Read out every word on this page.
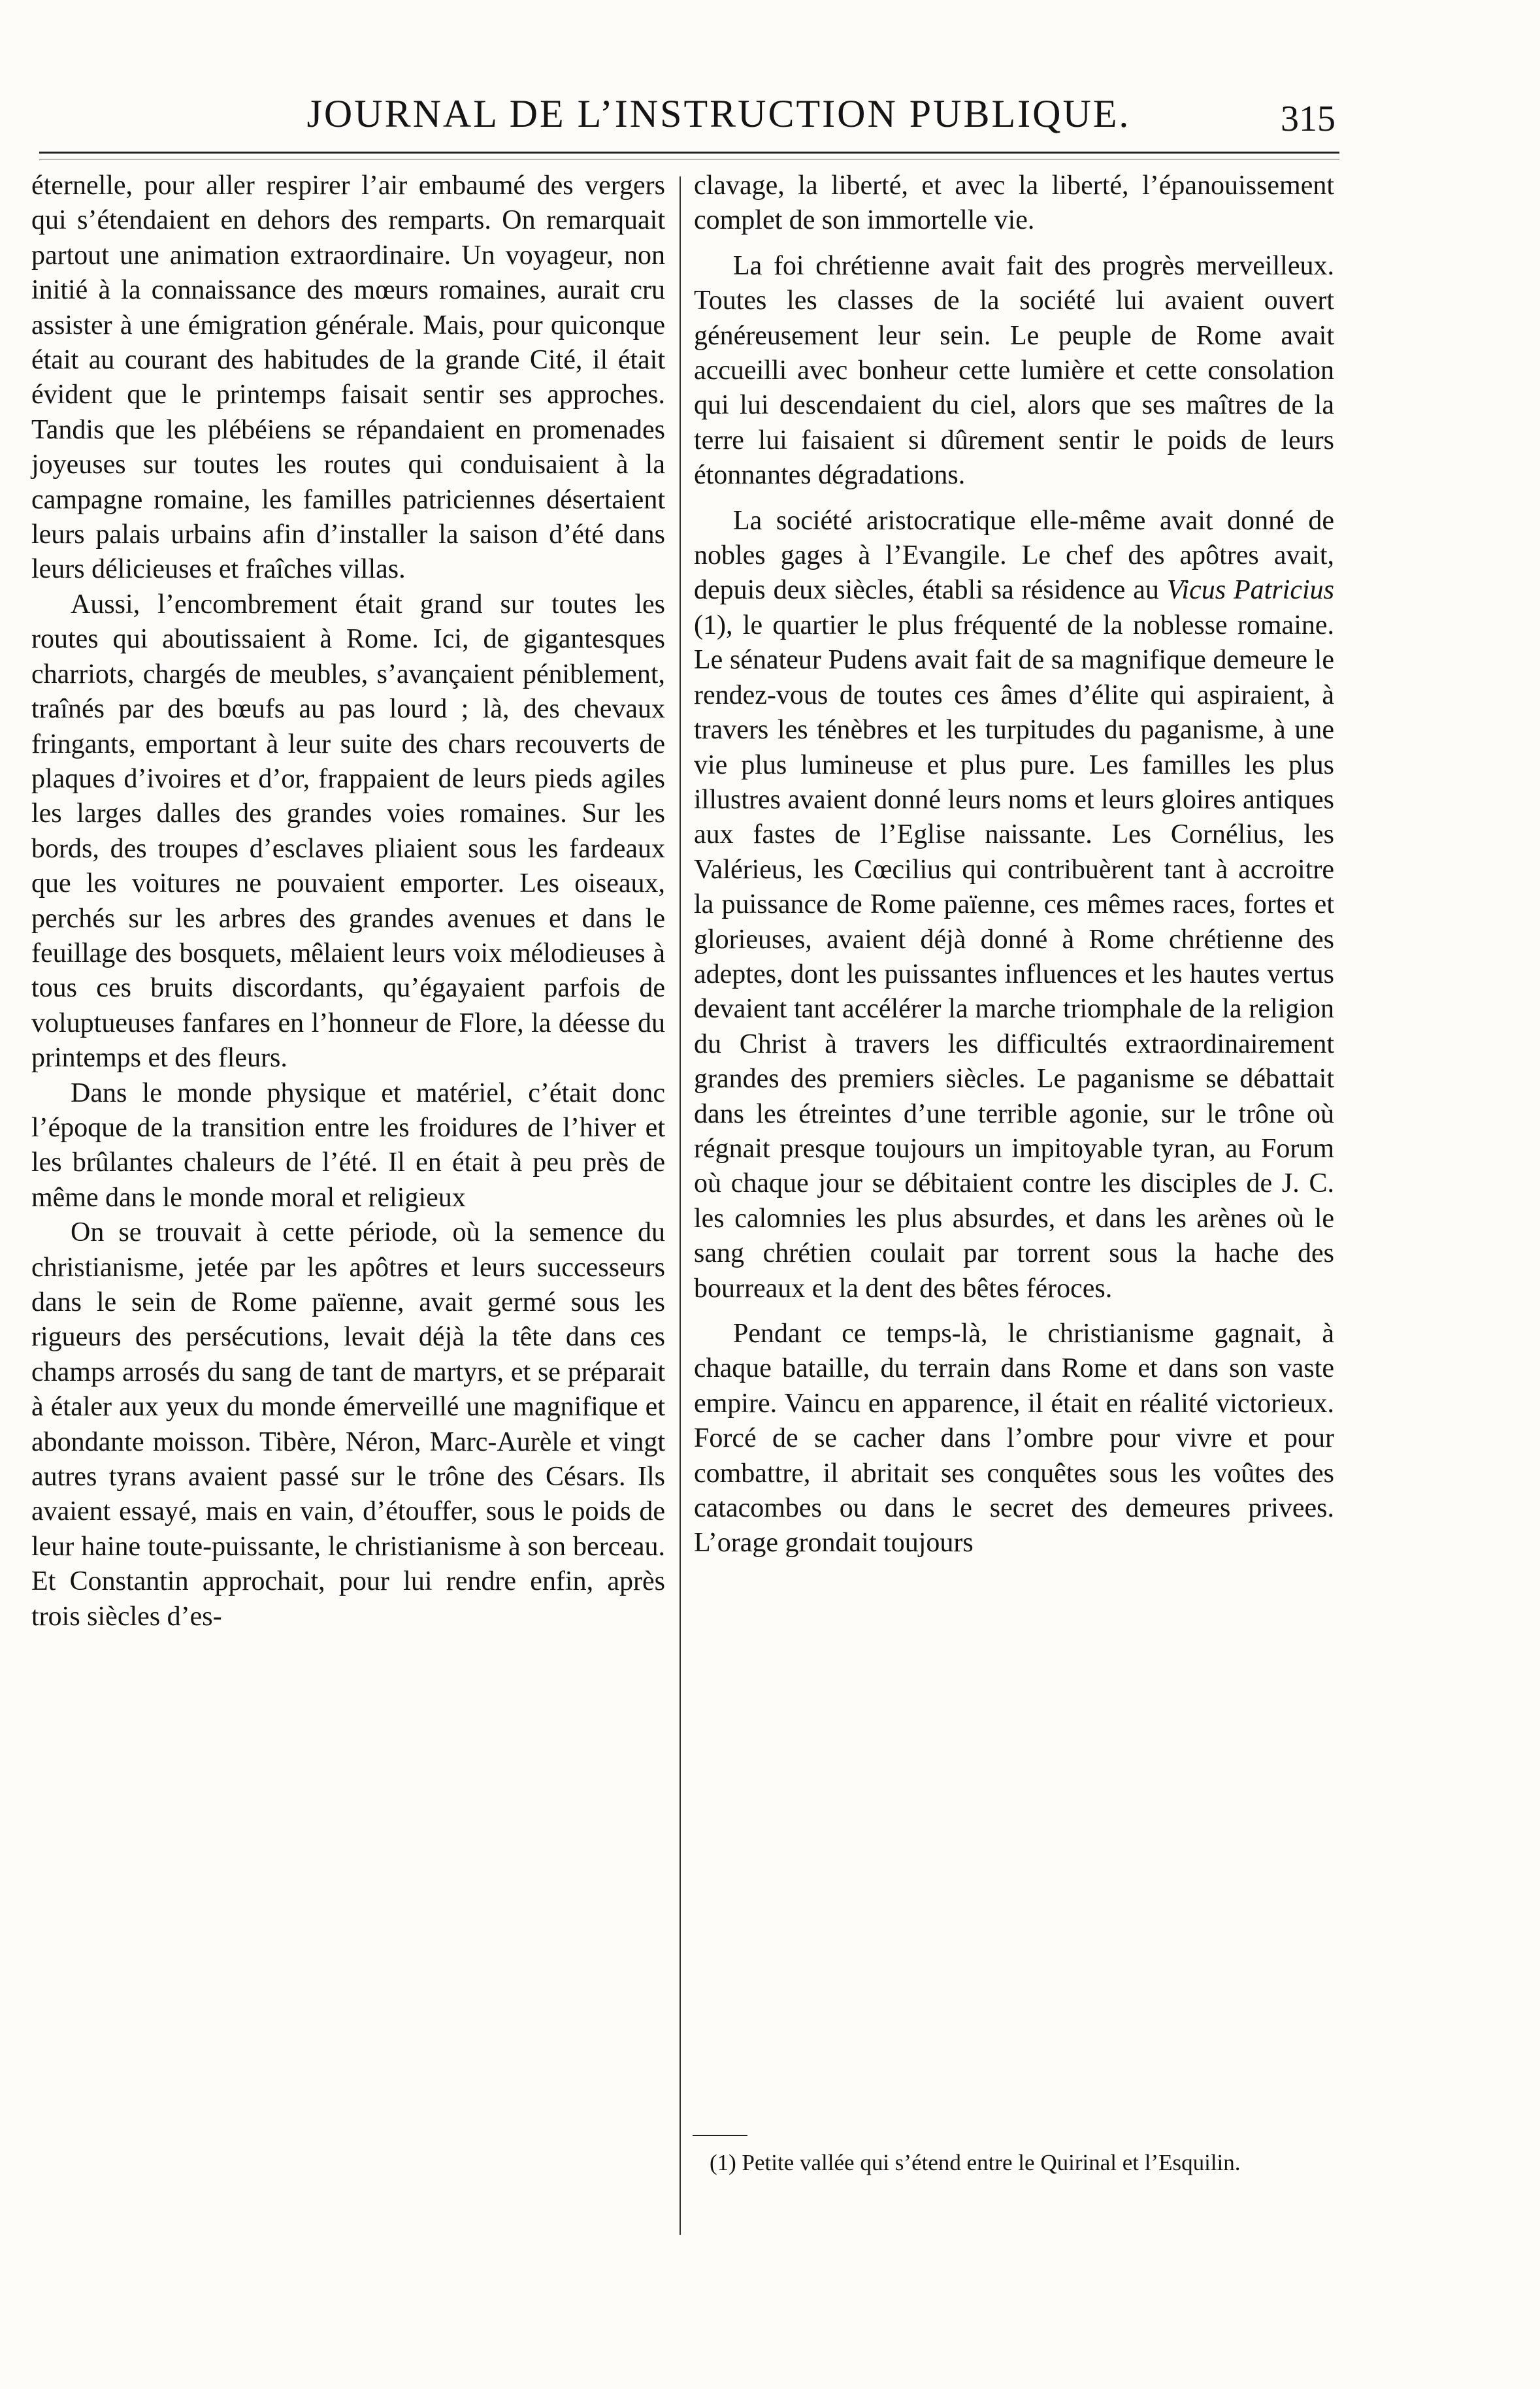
JOURNAL DE L’INSTRUCTION PUBLIQUE.	315

éternelle, pour aller respirer l’air embaumé des vergers qui s’étendaient en dehors des remparts. On remarquait partout une animation extraordinaire. Un voyageur, non initié à la connaissance des mœurs romaines, aurait cru assister à une émigration générale. Mais, pour quiconque était au courant des habitudes de la grande Cité, il était évident que le printemps faisait sentir ses approches. Tandis que les plébéiens se répandaient en promenades joyeuses sur toutes les routes qui conduisaient à la campagne romaine, les familles patriciennes désertaient leurs palais urbains afin d’installer la saison d’été dans leurs délicieuses et fraîches villas.

Aussi, l’encombrement était grand sur toutes les routes qui aboutissaient à Rome. Ici, de gigantesques charriots, chargés de meubles, s’avançaient péniblement, traînés par des bœufs au pas lourd ; là, des chevaux fringants, emportant à leur suite des chars recouverts de plaques d’ivoires et d’or, frappaient de leurs pieds agiles les larges dalles des grandes voies romaines. Sur les bords, des troupes d’esclaves pliaient sous les fardeaux que les voitures ne pouvaient emporter. Les oiseaux, perchés sur les arbres des grandes avenues et dans le feuillage des bosquets, mêlaient leurs voix mélodieuses à tous ces bruits discordants, qu’égayaient parfois de voluptueuses fanfares en l’honneur de Flore, la déesse du printemps et des fleurs.

Dans le monde physique et matériel, c’était donc l’époque de la transition entre les froidures de l’hiver et les brûlantes chaleurs de l’été. Il en était à peu près de même dans le monde moral et religieux

On se trouvait à cette période, où la semence du christianisme, jetée par les apôtres et leurs successeurs dans le sein de Rome païenne, avait germé sous les rigueurs des persécutions, levait déjà la tête dans ces champs arrosés du sang de tant de martyrs, et se préparait à étaler aux yeux du monde émerveillé une magnifique et abondante moisson. Tibère, Néron, Marc-Aurèle et vingt autres tyrans avaient passé sur le trône des Césars. Ils avaient essayé, mais en vain, d’étouffer, sous le poids de leur haine toute-puissante, le christianisme à son berceau. Et Constantin approchait, pour lui rendre enfin, après trois siècles d’es-

clavage, la liberté, et avec la liberté, l’épanouissement complet de son immortelle vie.

La foi chrétienne avait fait des progrès merveilleux. Toutes les classes de la société lui avaient ouvert généreusement leur sein. Le peuple de Rome avait accueilli avec bonheur cette lumière et cette consolation qui lui descendaient du ciel, alors que ses maîtres de la terre lui faisaient si dûrement sentir le poids de leurs étonnantes dégradations.

La société aristocratique elle-même avait donné de nobles gages à l’Evangile. Le chef des apôtres avait, depuis deux siècles, établi sa résidence au Vicus Patricius (1), le quartier le plus fréquenté de la noblesse romaine. Le sénateur Pudens avait fait de sa magnifique demeure le rendez-vous de toutes ces âmes d’élite qui aspiraient, à travers les ténèbres et les turpitudes du paganisme, à une vie plus lumineuse et plus pure. Les familles les plus illustres avaient donné leurs noms et leurs gloires antiques aux fastes de l’Eglise naissante. Les Cornélius, les Valérieus, les Cœcilius qui contribuèrent tant à accroitre la puissance de Rome païenne, ces mêmes races, fortes et glorieuses, avaient déjà donné à Rome chrétienne des adeptes, dont les puissantes influences et les hautes vertus devaient tant accélérer la marche triomphale de la religion du Christ à travers les difficultés extraordinairement grandes des premiers siècles. Le paganisme se débattait dans les étreintes d’une terrible agonie, sur le trône où régnait presque toujours un impitoyable tyran, au Forum où chaque jour se débitaient contre les disciples de J. C. les calomnies les plus absurdes, et dans les arènes où le sang chrétien coulait par torrent sous la hache des bourreaux et la dent des bêtes féroces.

Pendant ce temps-là, le christianisme gagnait, à chaque bataille, du terrain dans Rome et dans son vaste empire. Vaincu en apparence, il était en réalité victorieux. Forcé de se cacher dans l’ombre pour vivre et pour combattre, il abritait ses conquêtes sous les voûtes des catacombes ou dans le secret des demeures privees. L’orage grondait toujours

(1) Petite vallée qui s’étend entre le Quirinal et l’Esquilin.
